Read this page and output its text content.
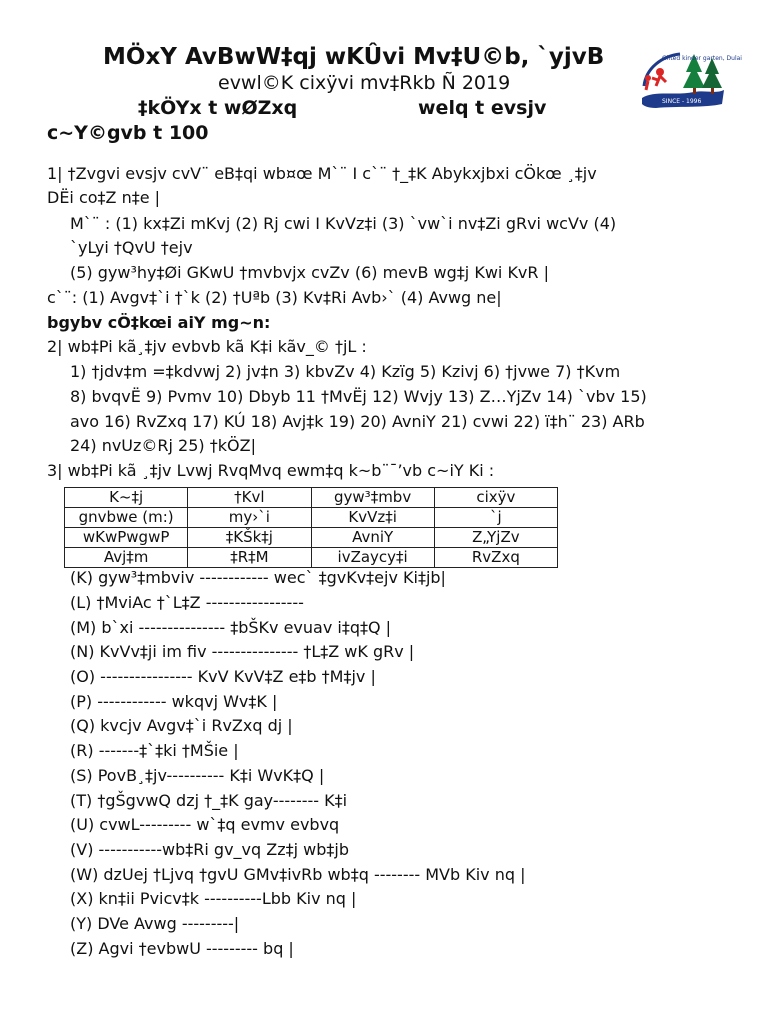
MÖxY AvBwW‡qj wKÛvi Mv‡U©b, `yjvB
evwl©K cixÿvi mv‡Rkb Ñ 2019
‡kÖYx t wØZxq	welq t evsjv
c~Y©gvb t 100
Gifted kinder garten, Dulai
SINCE - 1996
1| †Zvgvi evsjv cvV¨ eB‡qi wb¤œ M`¨ I c`¨ †_‡K Abykxjbxi cÖkœ ¸‡jv
DËi co‡Z n‡e |
M`¨ : (1) kx‡Zi mKvj (2) Rj cwi I KvVz‡i (3) `vw`i nv‡Zi gRvi wcVv (4)
`yLyi †QvU †ejv
(5) gyw³hy‡Øi GKwU †mvbvjx cvZv (6) mevB wg‡j Kwi KvR |
c`¨: (1) Avgv‡`i †`k (2) †Uªb (3) Kv‡Ri Avb›` (4) Avwg ne|
bgybv cÖ‡kœi aiY mg~n:
2| wb‡Pi kã¸‡jv evbvb kã K‡i kãv_© †jL :
1) †jdv‡m =‡kdvwj 2) jv‡n 3) kbvZv 4) Kzïg 5) Kzivj 6) †jvwe 7) †Kvm
8) bvqvË 9) Pvmv 10) Dbyb 11 †MvËj 12) Wvjy 13) Z…YjZv 14) `vbv 15)
avo 16) RvZxq 17) KÚ 18) Avj‡k 19) 20) AvniY 21) cvwi 22) ï‡h¨ 23) ARb
24) nvUz©Rj 25) †kÖZ|
3| wb‡Pi kã ¸‡jv Lvwj RvqMvq ewm‡q k~b¨¯’vb c~iY Ki :
K~‡j	†Kvl	gyw³‡mbv	cixÿv
gnvbwe (m:)	my›`i	KvVz‡i	`j
wKwPwgwP	‡KŠk‡j	AvniY	Z„YjZv
Avj‡m	‡R‡M	ivZaycy‡i	RvZxq
(K) gyw³‡mbviv ------------ wec` ‡gvKv‡ejv Ki‡jb|
(L) †MviAc †`L‡Z -----------------
(M) b`xi --------------- ‡bŠKv evuav i‡q‡Q |
(N) KvVv‡ji im fiv --------------- †L‡Z wK gRv |
(O) ---------------- KvV KvV‡Z e‡b †M‡jv |
(P) ------------ wkqvj Wv‡K |
(Q) kvcjv Avgv‡`i RvZxq dj |
(R) -------‡`‡ki †MŠie |
(S) PovB¸‡jv---------- K‡i WvK‡Q |
(T) †gŠgvwQ dzj †_‡K gay-------- K‡i
(U) cvwL--------- w`‡q evmv evbvq
(V) -----------wb‡Ri gv_vq Zz‡j wb‡jb
(W) dzUej †Ljvq †gvU GMv‡ivRb wb‡q -------- MVb Kiv nq |
(X) kn‡ii Pvicv‡k ----------Lbb Kiv nq |
(Y) DVe Avwg ---------|
(Z) Agvi †evbwU --------- bq |
